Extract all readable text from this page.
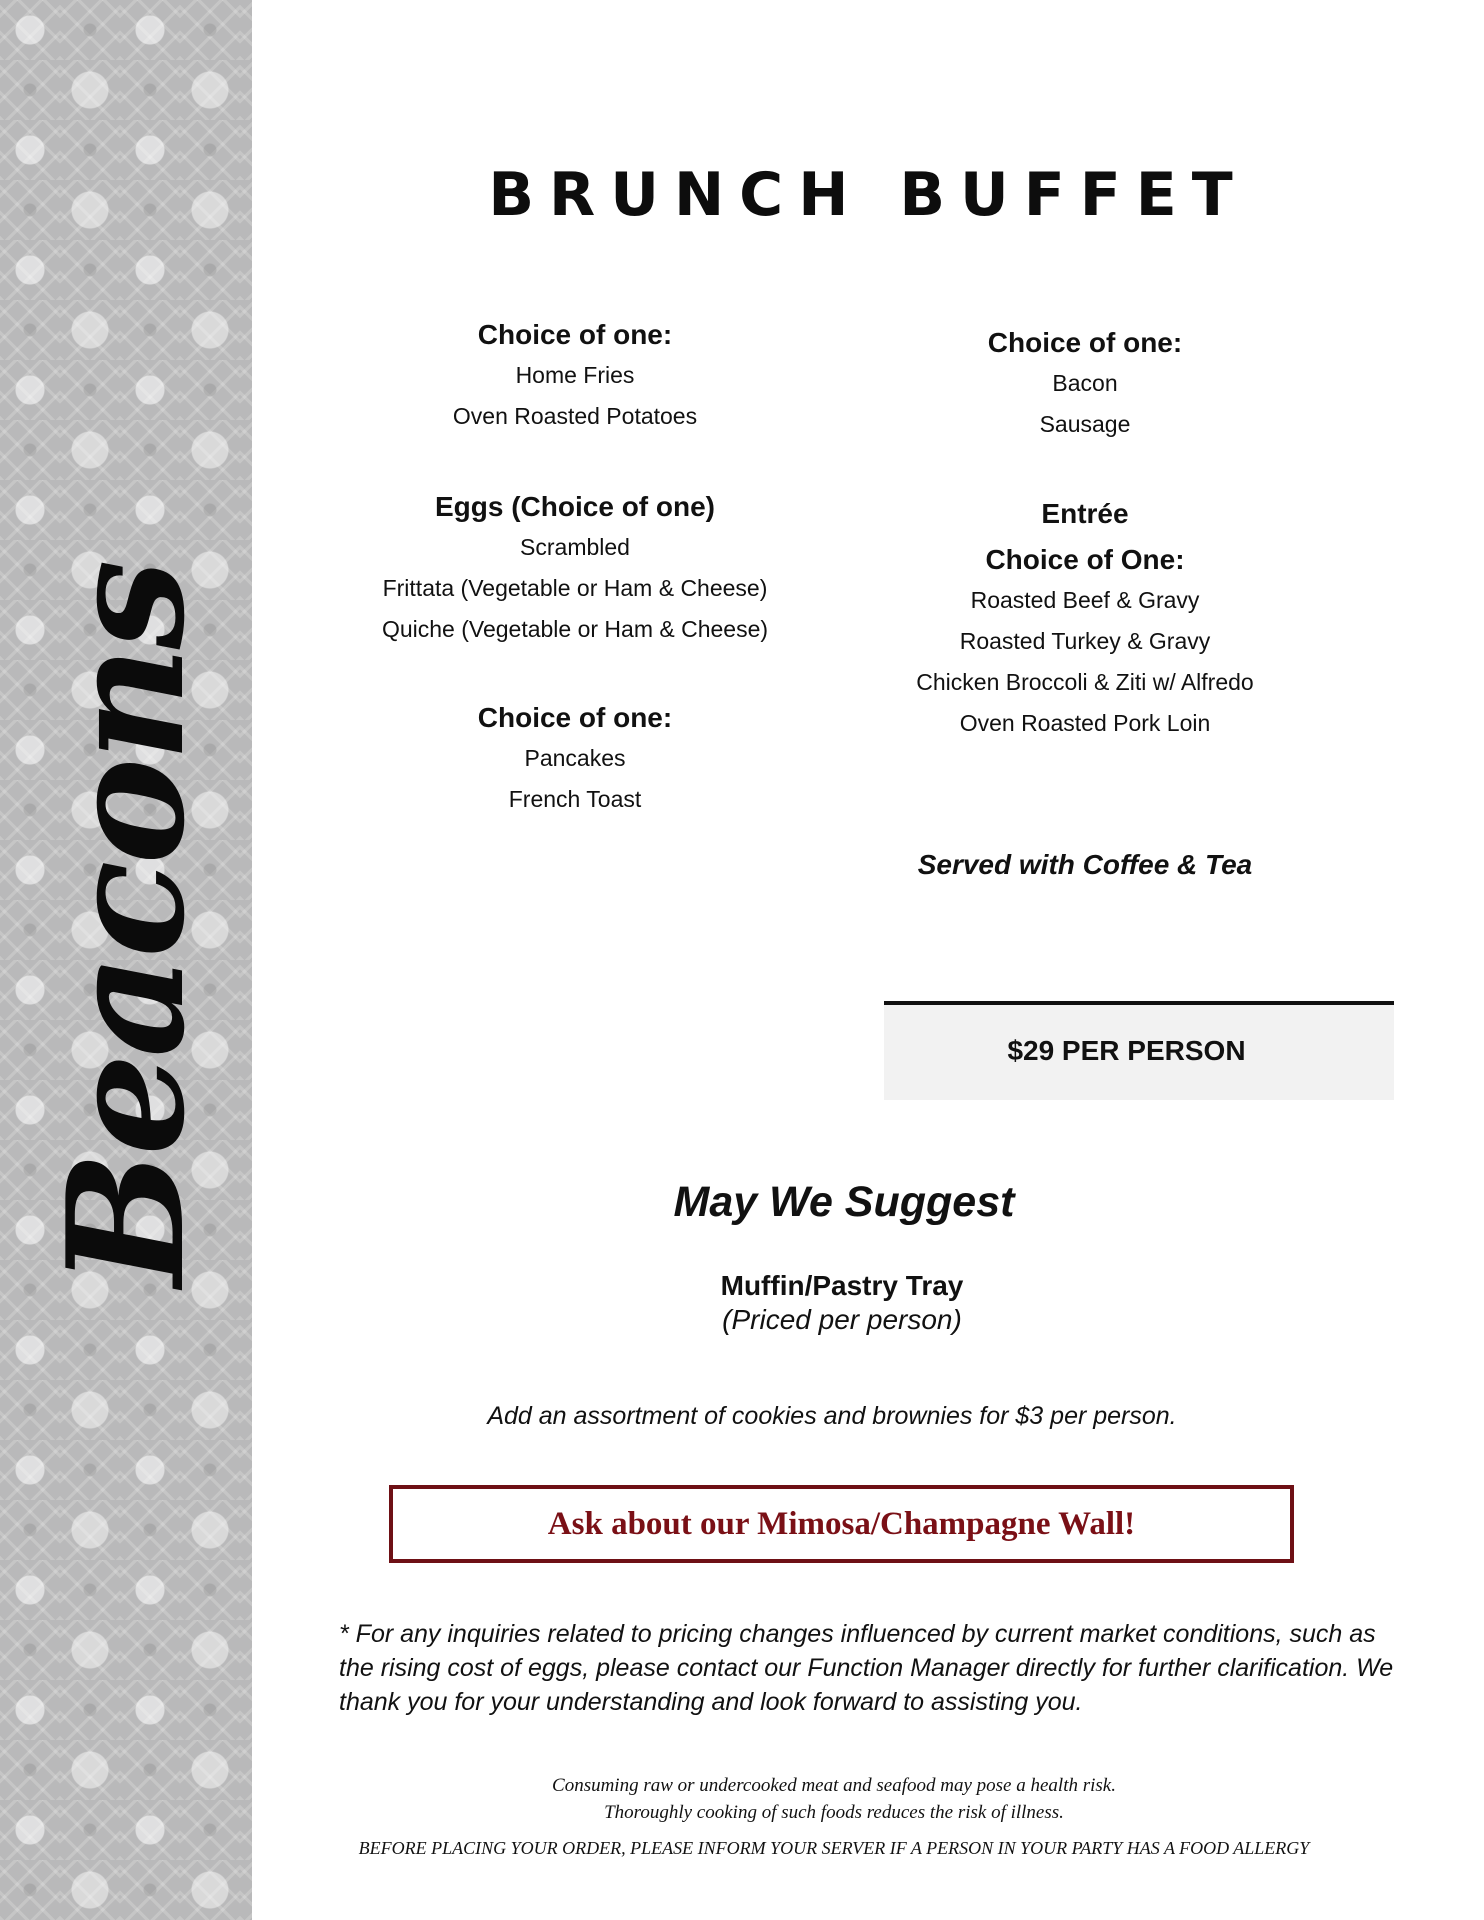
Beacons
BRUNCH BUFFET
Choice of one:
Home Fries
Oven Roasted Potatoes
Eggs (Choice of one)
Scrambled
Frittata (Vegetable or Ham & Cheese)
Quiche (Vegetable or Ham & Cheese)
Choice of one:
Pancakes
French Toast
Choice of one:
Bacon
Sausage
Entrée
Choice of One:
Roasted Beef & Gravy
Roasted Turkey & Gravy
Chicken Broccoli & Ziti w/ Alfredo
Oven Roasted Pork Loin
Served with Coffee & Tea
$29 PER PERSON
May We Suggest
Muffin/Pastry Tray
(Priced per person)
Add an assortment of cookies and brownies for $3 per person.
Ask about our Mimosa/Champagne Wall!
* For any inquiries related to pricing changes influenced by current market conditions, such as the rising cost of eggs, please contact our Function Manager directly for further clarification. We thank you for your understanding and look forward to assisting you.
Consuming raw or undercooked meat and seafood may pose a health risk.
Thoroughly cooking of such foods reduces the risk of illness.
BEFORE PLACING YOUR ORDER, PLEASE INFORM YOUR SERVER IF A PERSON IN YOUR PARTY HAS A FOOD ALLERGY
